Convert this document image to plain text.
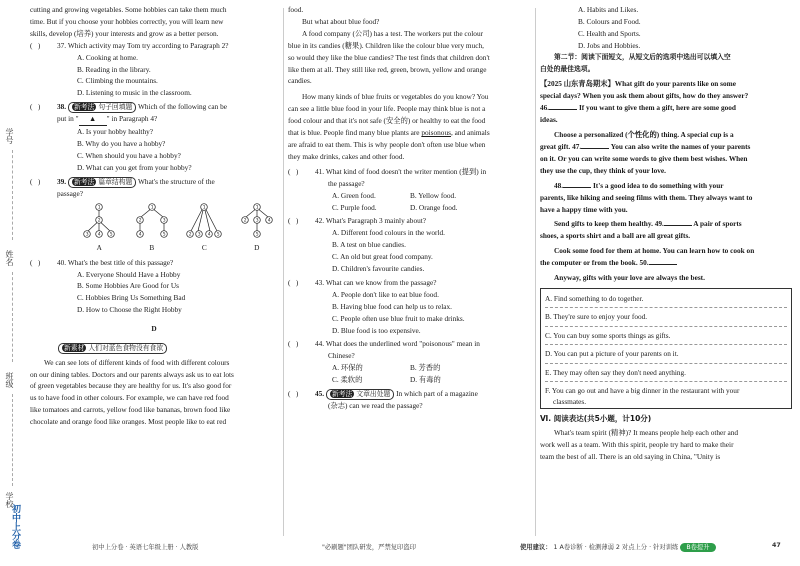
学号
姓名
班级
学校

cutting and growing vegetables. Some hobbies can take them much

time. But if you choose your hobbies correctly, you will learn new

skills, develop (培养) your interests and grow as a better person.

(   ) 37. Which activity may Tom try according to Paragraph 2?

A. Cooking at home.

B. Reading in the library.

C. Climbing the mountains.

D. Listening to music in the classroom.

(   ) 38. 新考法 句子回填题 Which of the following can be

put in " ▲ " in Paragraph 4?

A. Is your hobby healthy?

B. Why do you have a hobby?

C. When should you have a hobby?

D. What can you get from your hobby?

(   ) 39. 新考法 篇章结构题 What's the structure of the

passage?

1
2
3 4 5
A
1
2	3
4	5
B
1
2 3 4 5
C
1
2 3 4
5
D

(   ) 40. What's the best title of this passage?

A. Everyone Should Have a Hobby

B. Some Hobbies Are Good for Us

C. Hobbies Bring Us Something Bad

D. How to Choose the Right Hobby

D

新素材 人们对蓝色食物没有食欲

We can see lots of different kinds of food with different colours

on our dining tables. Doctors and our parents always ask us to eat lots

of green vegetables because they are healthy for us. It's also good for

us to have food in other colours. For example, we can have red food

like tomatoes and carrots, yellow food like bananas, brown food like

chocolate and orange food like oranges. Most people like to eat red

food.

But what about blue food?

A food company (公司) has a test. The workers put the colour

blue in its candies (糖果). Children like the colour blue very much,

so would they like the blue candies? The test finds that children don't

like them at all. They still like red, green, brown, yellow and orange

candies.

How many kinds of blue fruits or vegetables do you know? You

can see a little blue food in your life. People may think blue is not a

food colour and that it's not safe (安全的) or healthy to eat the food

that is blue. People find many blue plants are poisonous, and animals

are afraid to eat them. This is why people don't often use blue when

they make drinks, cakes and other food.

(   ) 41. What kind of food doesn't the writer mention (提到) in

the passage?

A. Green food.	B. Yellow food.
C. Purple food.	D. Orange food.

(   ) 42. What's Paragraph 3 mainly about?

A. Different food colours in the world.

B. A test on blue candies.

C. An old but great food company.

D. Children's favourite candies.

(   ) 43. What can we know from the passage?

A. People don't like to eat blue food.

B. Having blue food can help us to relax.

C. People often use blue fruit to make drinks.

D. Blue food is too expensive.

(   ) 44. What does the underlined word "poisonous" mean in

Chinese?

A. 环保的	B. 芳香的
C. 柔软的	D. 有毒的

(   ) 45. 新考法 文章出处题 In which part of a magazine

(杂志) can we read the passage?

A. Habits and Likes.

B. Colours and Food.

C. Health and Sports.

D. Jobs and Hobbies.

第二节：阅读下面短文，从短文后的选项中选出可以填入空

白处的最佳选项。

【2025 山东青岛期末】What gift do your parents like on some

special days? When you ask them about gifts, how do they answer?

46.	If you want to give them a gift, here are some good

ideas.

Choose a personalized (个性化的) thing. A special cup is a

great gift. 47.	You can also write the names of your parents

on it. Or you can write some words to give them best wishes. When

they use the cup, they think of your love.

48.	It's a good idea to do something with your

parents, like hiking and seeing films with them. They always want to

have a happy time with you.

Send gifts to keep them healthy. 49.	A pair of sports

shoes, a sports shirt and a ball are all great gifts.

Cook some food for them at home. You can learn how to cook on

the computer or from the book. 50.

Anyway, gifts with your love are always the best.

A. Find something to do together.
B. They're sure to enjoy your food.
C. You can buy some sports things as gifts.
D. You can put a picture of your parents on it.
E. They may often say they don't need anything.
F. You can go out and have a big dinner in the restaurant with your
classmates.

Ⅵ. 阅读表达(共5小题，计10分)

What's team spirit (精神)? It means people help each other and

work well as a team. With this spirit, people try hard to make their

team the best of all. There is an old saying in China, "Unity is

初中上分卷	初中上分卷 · 英语七年级上册 · 人教版	"必刷题"团队研发，严禁复印盗印	使用建议： 1 A卷诊断 · 检测薄弱 2 对点上分 · 针对训练 B卷提升	47
